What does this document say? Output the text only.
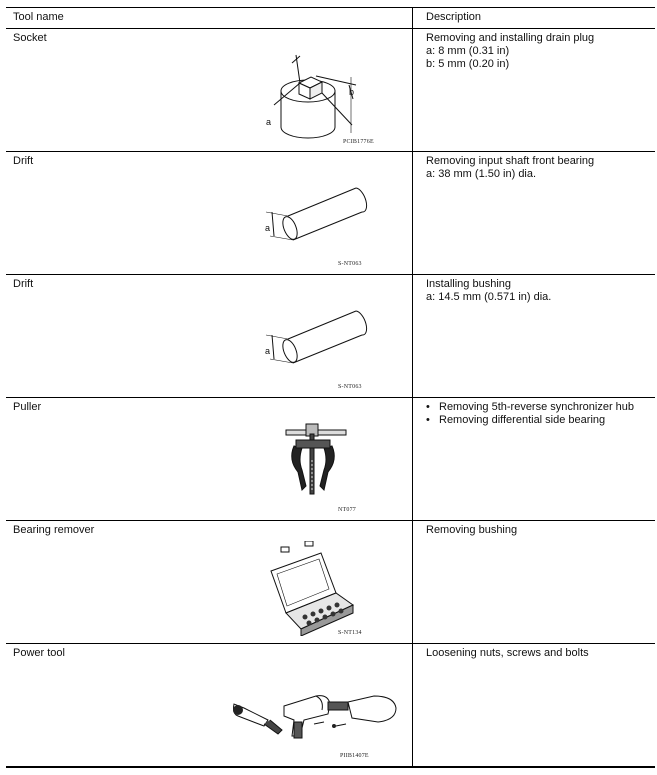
Tool name	Description
Socket
a
b
PCIB1776E
Removing and installing drain plug
a: 8 mm (0.31 in)
b: 5 mm (0.20 in)
Drift
a
S-NT063
Removing input shaft front bearing
a: 38 mm (1.50 in) dia.
Drift
a
S-NT063
Installing bushing
a: 14.5 mm (0.571 in) dia.
Puller
NT077
• Removing 5th-reverse synchronizer hub
• Removing differential side bearing
Bearing remover
S-NT134
Removing bushing
Power tool
PIIB1407E
Loosening nuts, screws and bolts
